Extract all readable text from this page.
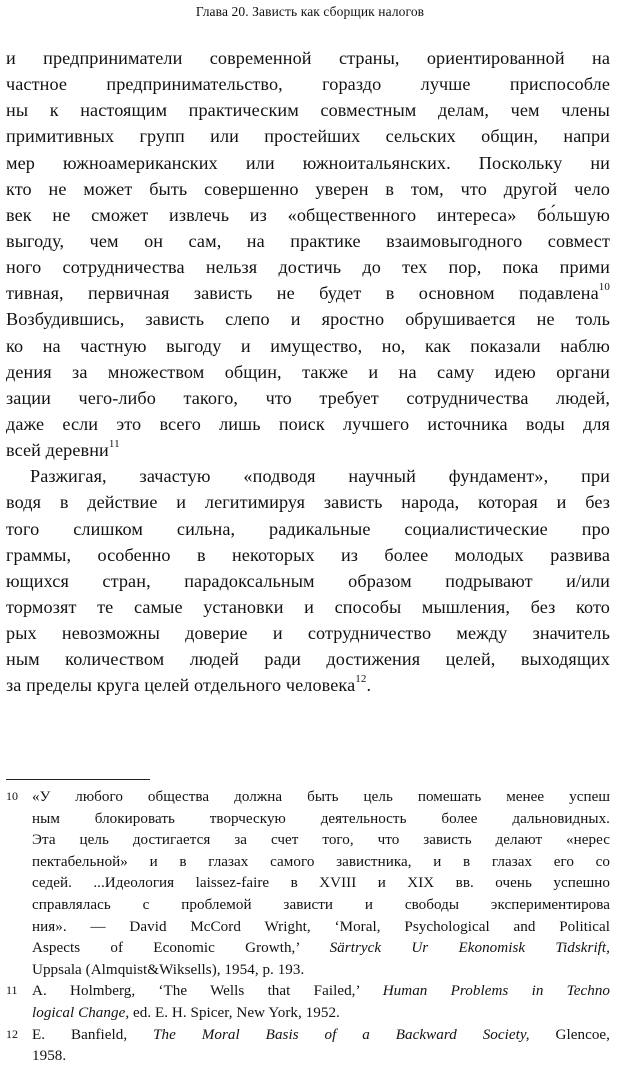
Глава 20. Зависть как сборщик налогов
и предприниматели современной страны, ориентированной на
частное предпринимательство, гораздо лучше приспособле
ны к настоящим практическим совместным делам, чем члены
примитивных групп или простейших сельских общин, напри
мер южноамериканских или южноитальянских. Поскольку ни
кто не может быть совершенно уверен в том, что другой чело
век не сможет извлечь из «общественного интереса» бо́льшую
выгоду, чем он сам, на практике взаимовыгодного совмест
ного сотрудничества нельзя достичь до тех пор, пока прими
тивная, первичная зависть не будет в основном подавлена$^{10}$
Возбудившись, зависть слепо и яростно обрушивается не толь
ко на частную выгоду и имущество, но, как показали наблю
дения за множеством общин, также и на саму идею органи
зации чего-либо такого, что требует сотрудничества людей,
даже если это всего лишь поиск лучшего источника воды для
всей деревни$^{11}$
Разжигая, зачастую «подводя научный фундамент», при
водя в действие и легитимируя зависть народа, которая и без
того слишком сильна, радикальные социалистические про
граммы, особенно в некоторых из более молодых развива
ющихся стран, парадоксальным образом подрывают и/или
тормозят те самые установки и способы мышления, без кото
рых невозможны доверие и сотрудничество между значитель
ным количеством людей ради достижения целей, выходящих
за пределы круга целей отдельного человека$^{12}$.
10 «У любого общества должна быть цель помешать менее успеш
ным блокировать творческую деятельность более дальновидных.
Эта цель достигается за счет того, что зависть делают «нерес
пектабельной» и в глазах самого завистника, и в глазах его со
седей. ...Идеология laissez-faire в XVIII и XIX вв. очень успешно
справлялась с проблемой зависти и свободы экспериментирова
ния». — David McCord Wright, ‘Moral, Psychological and Political
Aspects of Economic Growth,’ Särtryck Ur Ekonomisk Tidskrift,
Uppsala (Almquist&Wiksells), 1954, p. 193.
11 A. Holmberg, ‘The Wells that Failed,’ Human Problems in Techno
logical Change, ed. E. H. Spicer, New York, 1952.
12 E. Banfield, The Moral Basis of a Backward Society, Glencoe,
1958.
